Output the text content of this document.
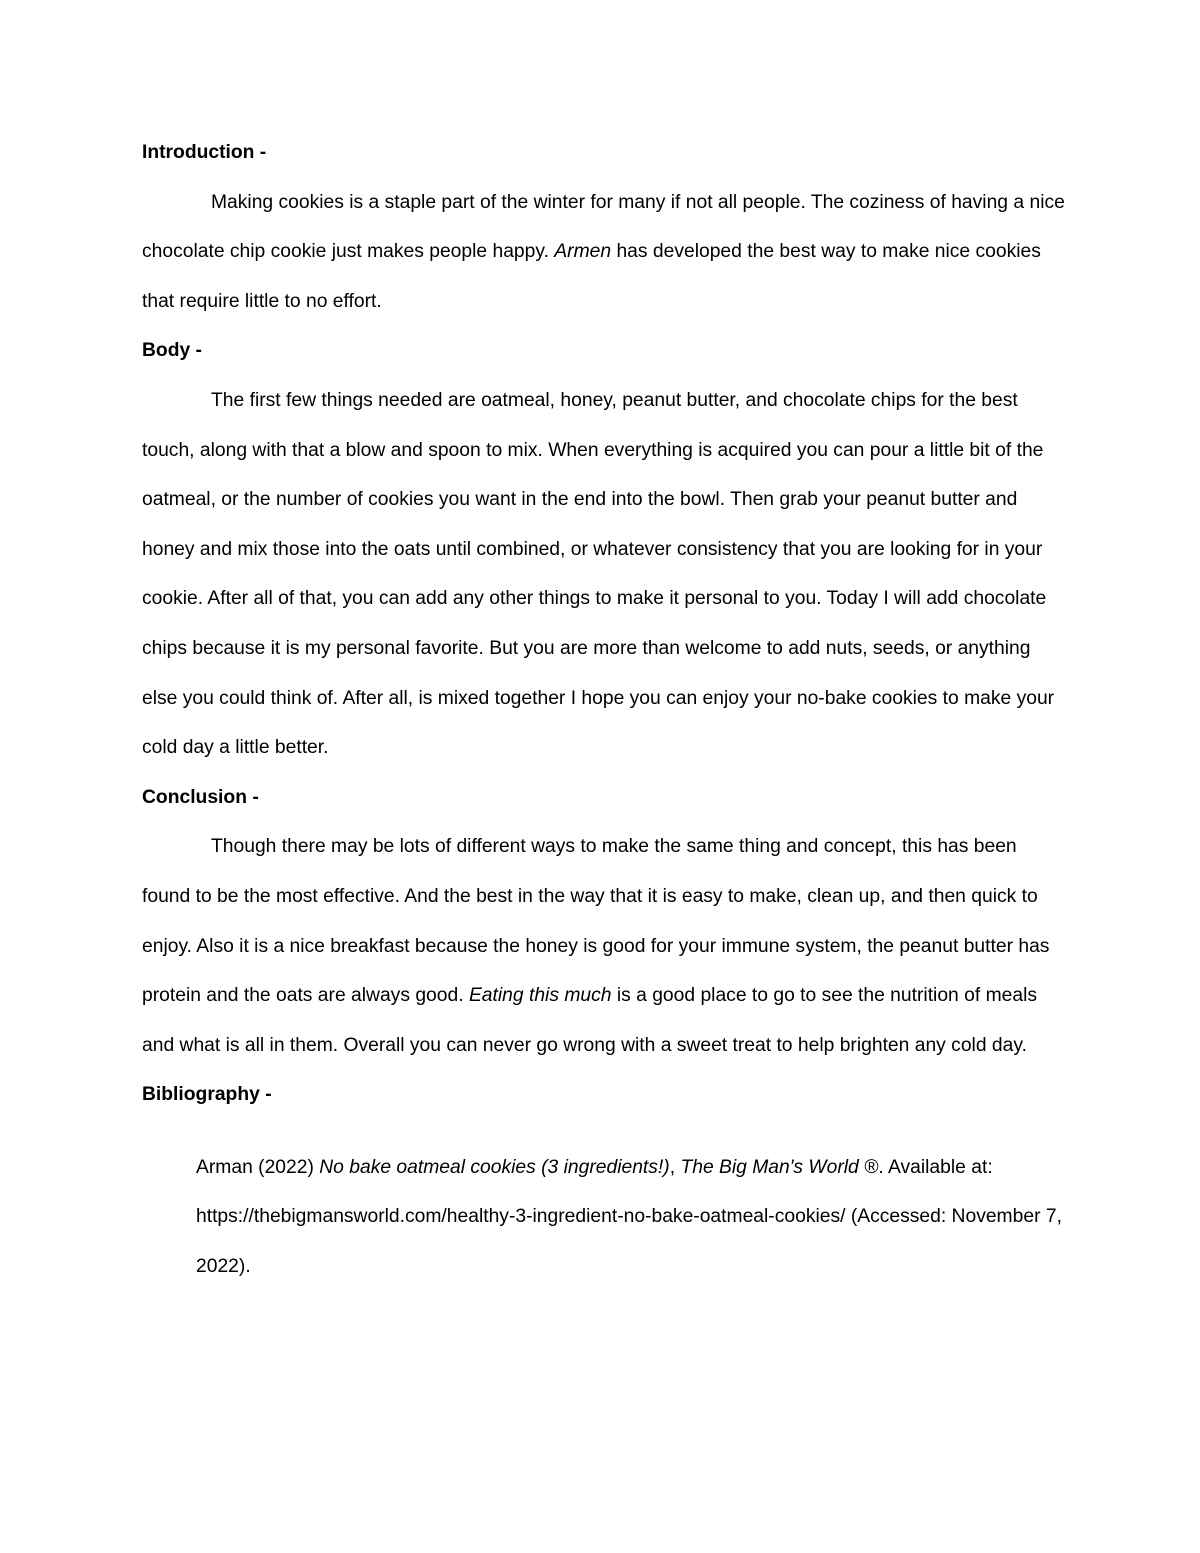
Introduction -

Making cookies is a staple part of the winter for many if not all people. The coziness of having a nice chocolate chip cookie just makes people happy. Armen has developed the best way to make nice cookies that require little to no effort.

Body -

The first few things needed are oatmeal, honey, peanut butter, and chocolate chips for the best touch, along with that a blow and spoon to mix. When everything is acquired you can pour a little bit of the oatmeal, or the number of cookies you want in the end into the bowl. Then grab your peanut butter and honey and mix those into the oats until combined, or whatever consistency that you are looking for in your cookie. After all of that, you can add any other things to make it personal to you. Today I will add chocolate chips because it is my personal favorite. But you are more than welcome to add nuts, seeds, or anything else you could think of. After all, is mixed together I hope you can enjoy your no-bake cookies to make your cold day a little better.

Conclusion -

Though there may be lots of different ways to make the same thing and concept, this has been found to be the most effective. And the best in the way that it is easy to make, clean up, and then quick to enjoy. Also it is a nice breakfast because the honey is good for your immune system, the peanut butter has protein and the oats are always good. Eating this much is a good place to go to see the nutrition of meals and what is all in them. Overall you can never go wrong with a sweet treat to help brighten any cold day.

Bibliography -

Arman (2022) No bake oatmeal cookies (3 ingredients!), The Big Man's World ®. Available at: https://thebigmansworld.com/healthy-3-ingredient-no-bake-oatmeal-cookies/ (Accessed: November 7, 2022).
